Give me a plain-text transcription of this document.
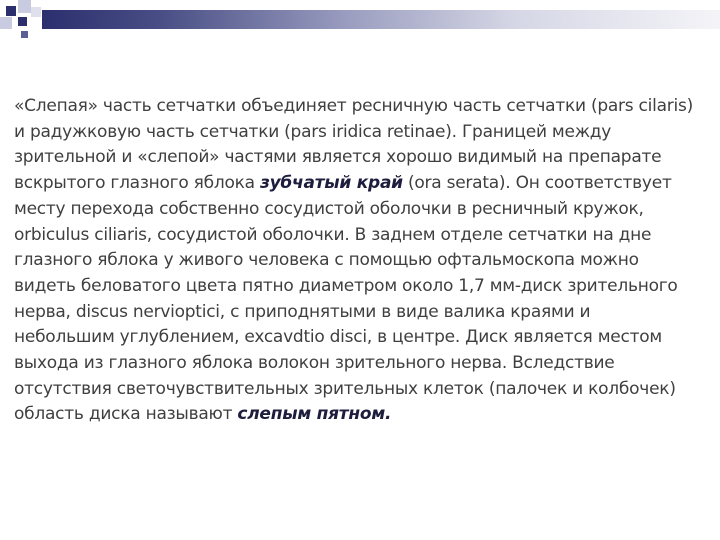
«Слепая» часть сетчатки объединяет ресничную часть сетчатки (pars cilaris)
и радужковую часть сетчатки (pars iridica retinae). Границей между
зрительной и «слепой» частями является хорошо видимый на препарате
вскрытого глазного яблока зубчатый край (ora serata). Он соответствует
месту перехода собственно сосудистой оболочки в ресничный кружок,
orbiculus ciliaris, сосудистой оболочки. В заднем отделе сетчатки на дне
глазного яблока у живого человека с помощью офтальмоскопа можно
видеть беловатого цвета пятно диаметром около 1,7 мм-диск зрительного
нерва, discus nervioptici, с приподнятыми в виде валика краями и
небольшим углублением, excavdtio disci, в центре. Диск является местом
выхода из глазного яблока волокон зрительного нерва. Вследствие
отсутствия светочувствительных зрительных клеток (палочек и колбочек)
область диска называют слепым пятном.
